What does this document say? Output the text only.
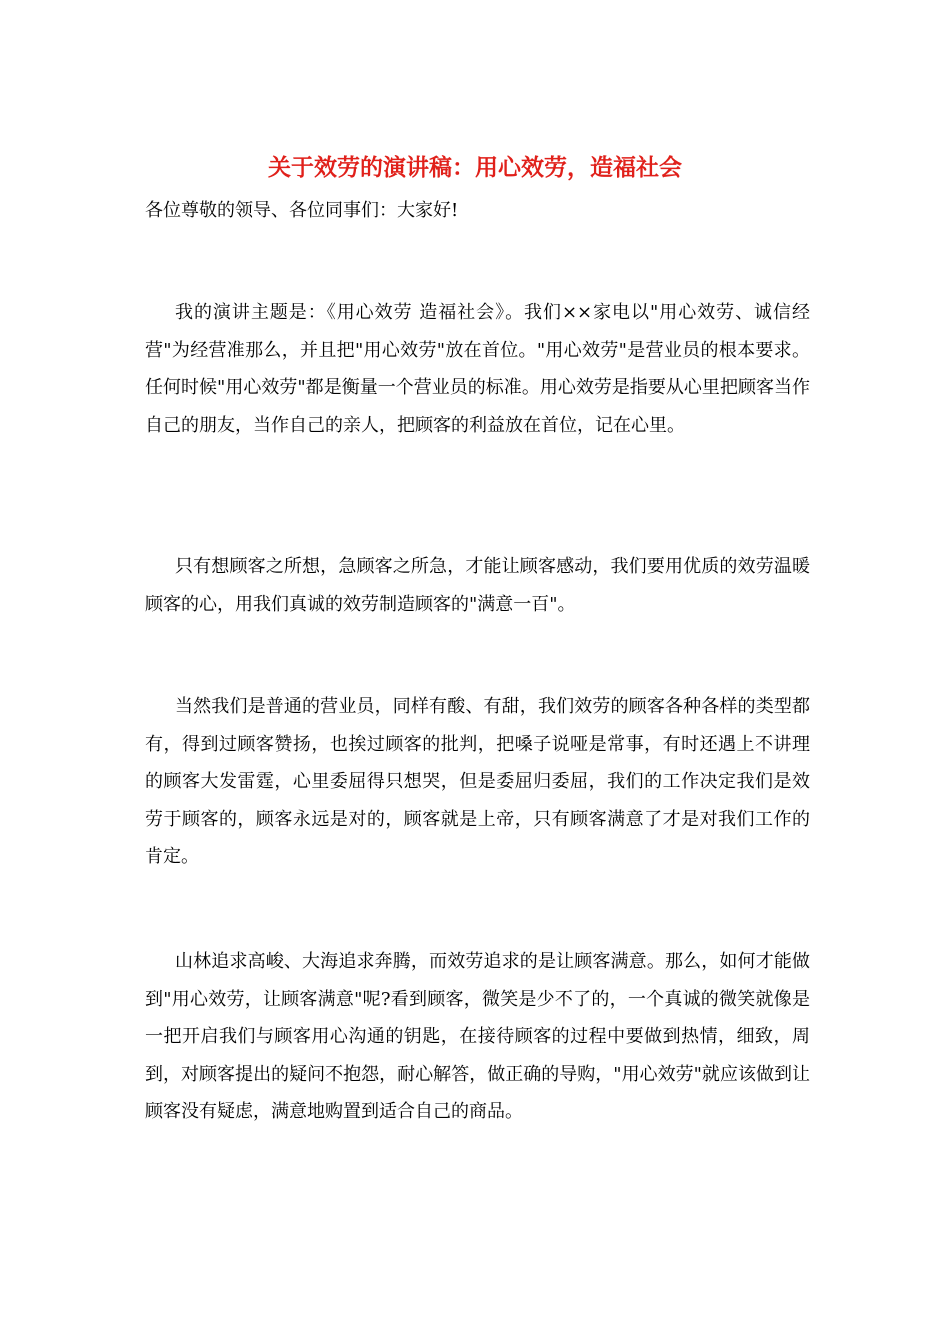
关于效劳的演讲稿：用心效劳，造福社会

各位尊敬的领导、各位同事们：大家好!

我的演讲主题是：《用心效劳 造福社会》。我们××家电以"用心效劳、诚信经营"为经营准那么，并且把"用心效劳"放在首位。"用心效劳"是营业员的根本要求。任何时候"用心效劳"都是衡量一个营业员的标准。用心效劳是指要从心里把顾客当作自己的朋友，当作自己的亲人，把顾客的利益放在首位，记在心里。

只有想顾客之所想，急顾客之所急，才能让顾客感动，我们要用优质的效劳温暖顾客的心，用我们真诚的效劳制造顾客的"满意一百"。

当然我们是普通的营业员，同样有酸、有甜，我们效劳的顾客各种各样的类型都有，得到过顾客赞扬，也挨过顾客的批判，把嗓子说哑是常事，有时还遇上不讲理的顾客大发雷霆，心里委屈得只想哭，但是委屈归委屈，我们的工作决定我们是效劳于顾客的，顾客永远是对的，顾客就是上帝，只有顾客满意了才是对我们工作的肯定。

山林追求高峻、大海追求奔腾，而效劳追求的是让顾客满意。那么，如何才能做到"用心效劳，让顾客满意"呢?看到顾客，微笑是少不了的，一个真诚的微笑就像是一把开启我们与顾客用心沟通的钥匙，在接待顾客的过程中要做到热情，细致，周到，对顾客提出的疑问不抱怨，耐心解答，做正确的导购，"用心效劳"就应该做到让顾客没有疑虑，满意地购置到适合自己的商品。
